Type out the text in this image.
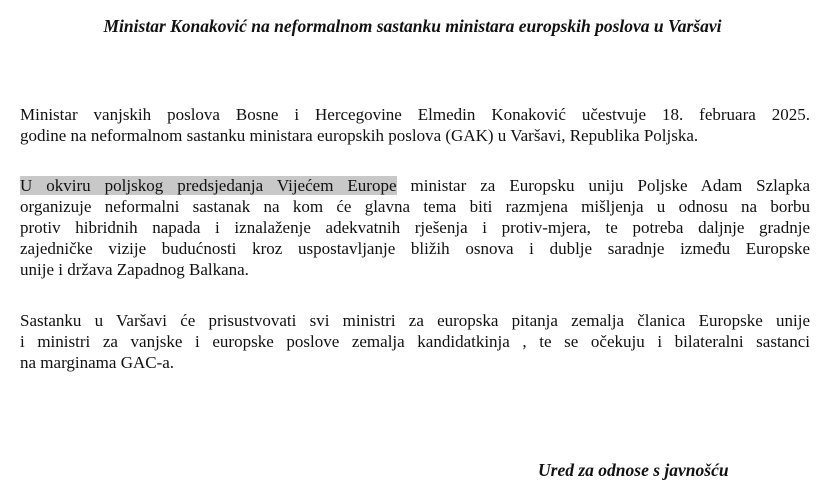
Ministar Konaković na neformalnom sastanku ministara europskih poslova u Varšavi
Ministar vanjskih poslova Bosne i Hercegovine Elmedin Konaković učestvuje 18. februara 2025.
godine na neformalnom sastanku ministara europskih poslova (GAK) u Varšavi, Republika Poljska.
U okviru poljskog predsjedanja Vijećem Europe ministar za Europsku uniju Poljske Adam Szlapka
organizuje neformalni sastanak na kom će glavna tema biti razmjena mišljenja u odnosu na borbu
protiv hibridnih napada i iznalaženje adekvatnih rješenja i protiv-mjera, te potreba daljnje gradnje
zajedničke vizije budućnosti kroz uspostavljanje bližih osnova i dublje saradnje između Europske
unije i država Zapadnog Balkana.
Sastanku u Varšavi će prisustvovati svi ministri za europska pitanja zemalja članica Europske unije
i ministri za vanjske i europske poslove zemalja kandidatkinja , te se očekuju i bilateralni sastanci
na marginama GAC-a.
Ured za odnose s javnošću
